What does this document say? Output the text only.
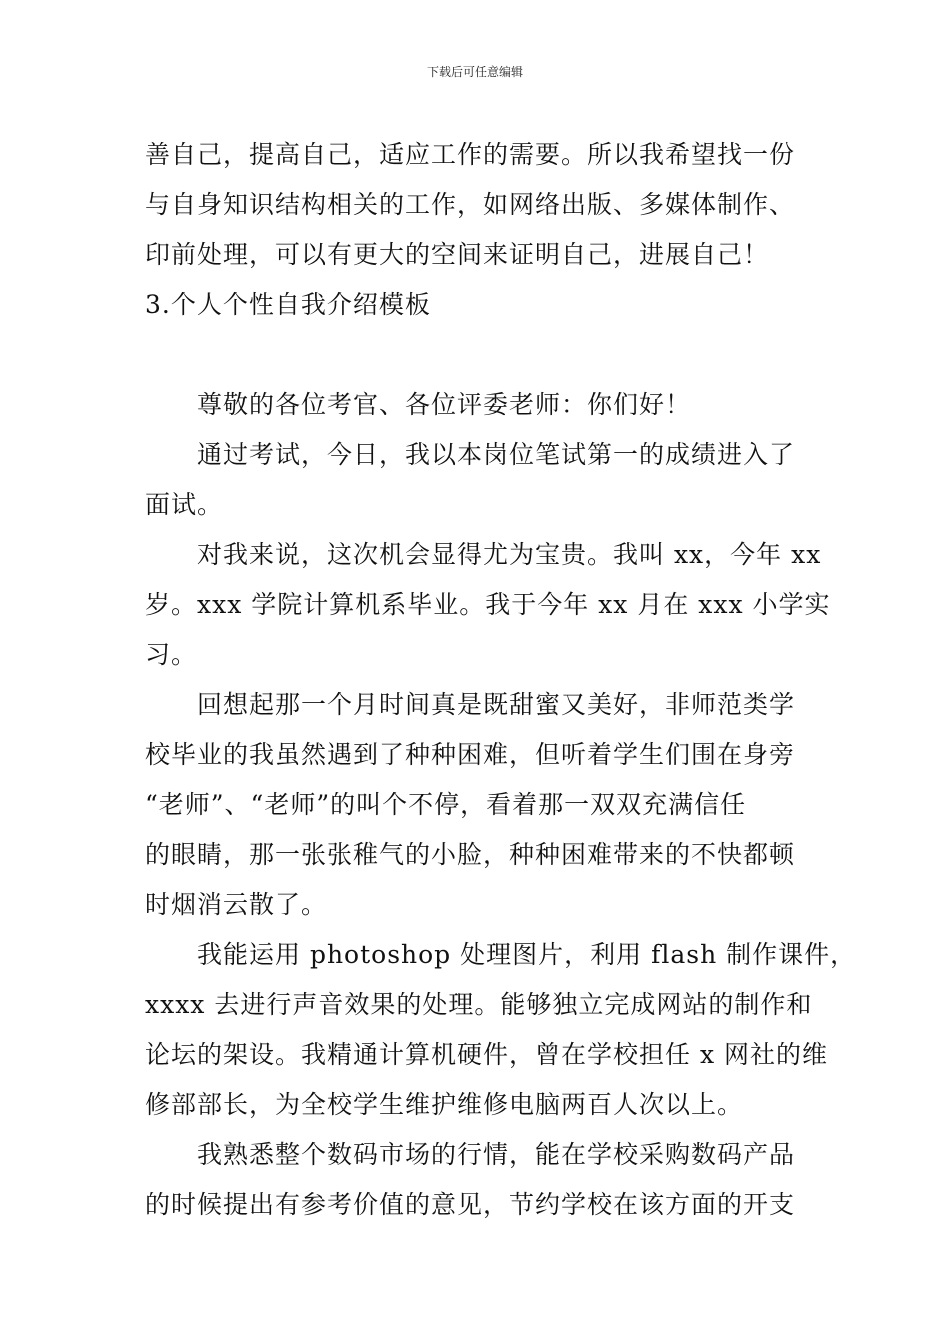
下载后可任意编辑
善自己，提高自己，适应工作的需要。所以我希望找一份
与自身知识结构相关的工作，如网络出版、多媒体制作、
印前处理，可以有更大的空间来证明自己，进展自己！
3.个人个性自我介绍模板
尊敬的各位考官、各位评委老师：你们好！
通过考试，今日，我以本岗位笔试第一的成绩进入了
面试。
对我来说，这次机会显得尤为宝贵。我叫 xx，今年 xx
岁。xxx 学院计算机系毕业。我于今年 xx 月在 xxx 小学实
习。
回想起那一个月时间真是既甜蜜又美好，非师范类学
校毕业的我虽然遇到了种种困难，但听着学生们围在身旁
“老师”、“老师”的叫个不停，看着那一双双充满信任
的眼睛，那一张张稚气的小脸，种种困难带来的不快都顿
时烟消云散了。
我能运用 photoshop 处理图片，利用 flash 制作课件，
xxxx 去进行声音效果的处理。能够独立完成网站的制作和
论坛的架设。我精通计算机硬件，曾在学校担任 x 网社的维
修部部长，为全校学生维护维修电脑两百人次以上。
我熟悉整个数码市场的行情，能在学校采购数码产品
的时候提出有参考价值的意见，节约学校在该方面的开支
